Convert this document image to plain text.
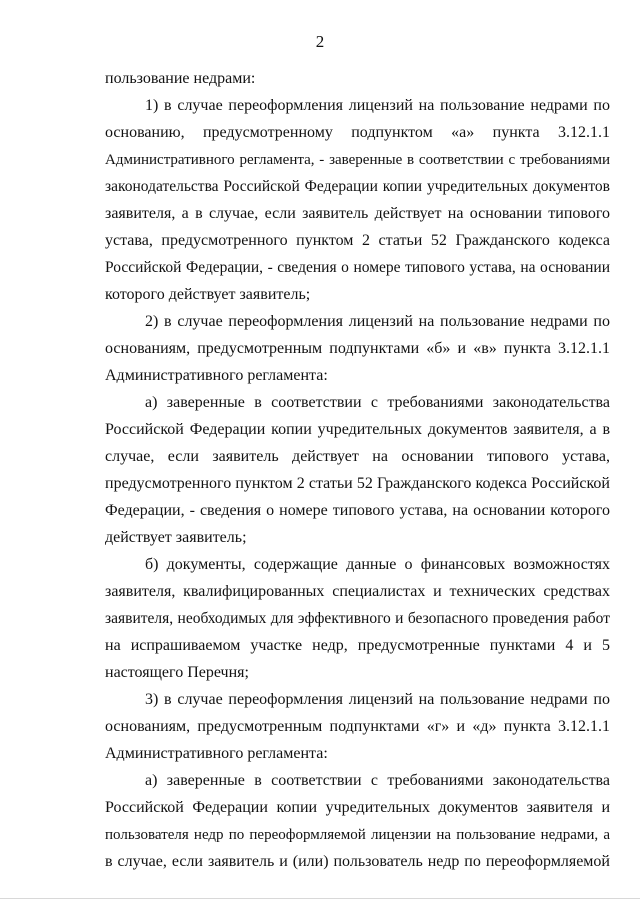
2
пользование недрами:
1) в случае переоформления лицензий на пользование недрами по
основанию, предусмотренному подпунктом «а» пункта 3.12.1.1
Административного регламента, - заверенные в соответствии с требованиями
законодательства Российской Федерации копии учредительных документов
заявителя, а в случае, если заявитель действует на основании типового
устава, предусмотренного пунктом 2 статьи 52 Гражданского кодекса
Российской Федерации, - сведения о номере типового устава, на основании
которого действует заявитель;
2) в случае переоформления лицензий на пользование недрами по
основаниям, предусмотренным подпунктами «б» и «в» пункта 3.12.1.1
Административного регламента:
а) заверенные в соответствии с требованиями законодательства
Российской Федерации копии учредительных документов заявителя, а в
случае, если заявитель действует на основании типового устава,
предусмотренного пунктом 2 статьи 52 Гражданского кодекса Российской
Федерации, - сведения о номере типового устава, на основании которого
действует заявитель;
б) документы, содержащие данные о финансовых возможностях
заявителя, квалифицированных специалистах и технических средствах
заявителя, необходимых для эффективного и безопасного проведения работ
на испрашиваемом участке недр, предусмотренные пунктами 4 и 5
настоящего Перечня;
3) в случае переоформления лицензий на пользование недрами по
основаниям, предусмотренным подпунктами «г» и «д» пункта 3.12.1.1
Административного регламента:
а) заверенные в соответствии с требованиями законодательства
Российской Федерации копии учредительных документов заявителя и
пользователя недр по переоформляемой лицензии на пользование недрами, а
в случае, если заявитель и (или) пользователь недр по переоформляемой
